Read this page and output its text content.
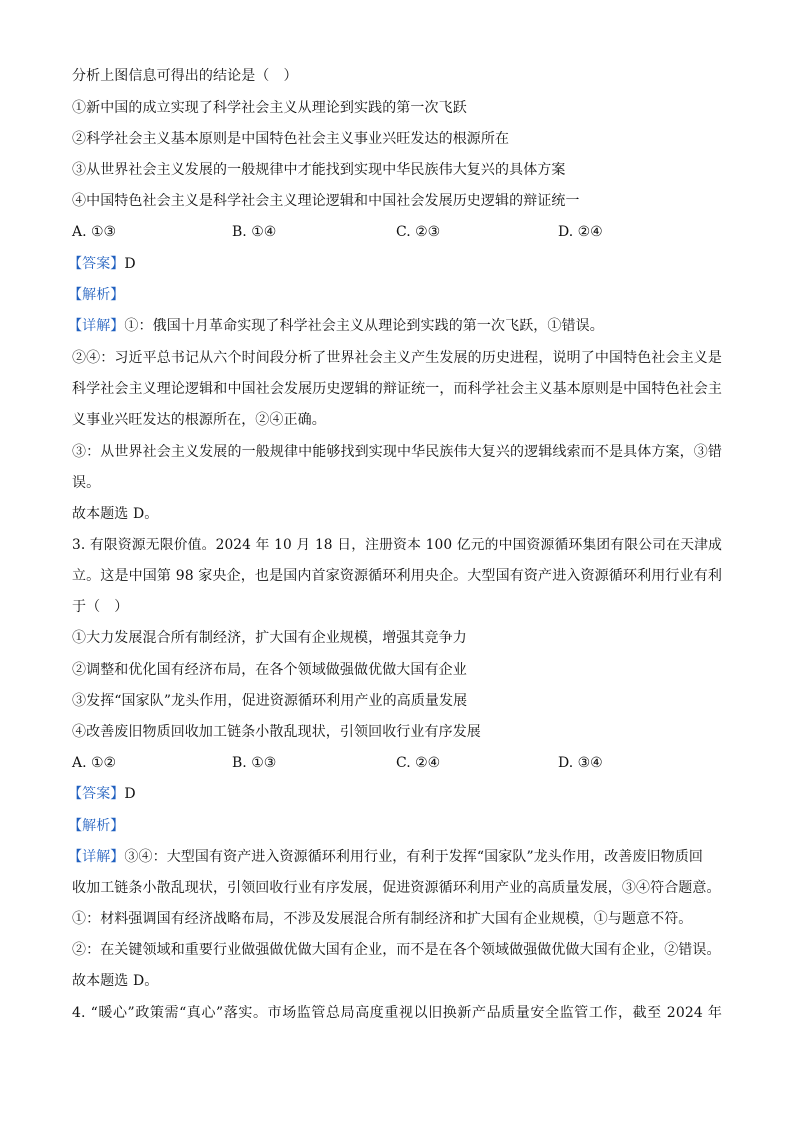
分析上图信息可得出的结论是（　）
①新中国的成立实现了科学社会主义从理论到实践的第一次飞跃
②科学社会主义基本原则是中国特色社会主义事业兴旺发达的根源所在
③从世界社会主义发展的一般规律中才能找到实现中华民族伟大复兴的具体方案
④中国特色社会主义是科学社会主义理论逻辑和中国社会发展历史逻辑的辩证统一
A. ①③	B. ①④	C. ②③	D. ②④
【答案】D
【解析】
【详解】①：俄国十月革命实现了科学社会主义从理论到实践的第一次飞跃，①错误。
②④：习近平总书记从六个时间段分析了世界社会主义产生发展的历史进程，说明了中国特色社会主义是
科学社会主义理论逻辑和中国社会发展历史逻辑的辩证统一，而科学社会主义基本原则是中国特色社会主
义事业兴旺发达的根源所在，②④正确。
③：从世界社会主义发展的一般规律中能够找到实现中华民族伟大复兴的逻辑线索而不是具体方案，③错
误。
故本题选 D。
3. 有限资源无限价值。2024 年 10 月 18 日，注册资本 100 亿元的中国资源循环集团有限公司在天津成
立。这是中国第 98 家央企，也是国内首家资源循环利用央企。大型国有资产进入资源循环利用行业有利
于（　）
①大力发展混合所有制经济，扩大国有企业规模，增强其竞争力
②调整和优化国有经济布局，在各个领域做强做优做大国有企业
③发挥“国家队”龙头作用，促进资源循环利用产业的高质量发展
④改善废旧物质回收加工链条小散乱现状，引领回收行业有序发展
A. ①②	B. ①③	C. ②④	D. ③④
【答案】D
【解析】
【详解】③④：大型国有资产进入资源循环利用行业，有利于发挥“国家队”龙头作用，改善废旧物质回
收加工链条小散乱现状，引领回收行业有序发展，促进资源循环利用产业的高质量发展，③④符合题意。
①：材料强调国有经济战略布局，不涉及发展混合所有制经济和扩大国有企业规模，①与题意不符。
②：在关键领域和重要行业做强做优做大国有企业，而不是在各个领域做强做优做大国有企业，②错误。
故本题选 D。
4. “暖心”政策需“真心”落实。市场监管总局高度重视以旧换新产品质量安全监管工作，截至 2024 年
